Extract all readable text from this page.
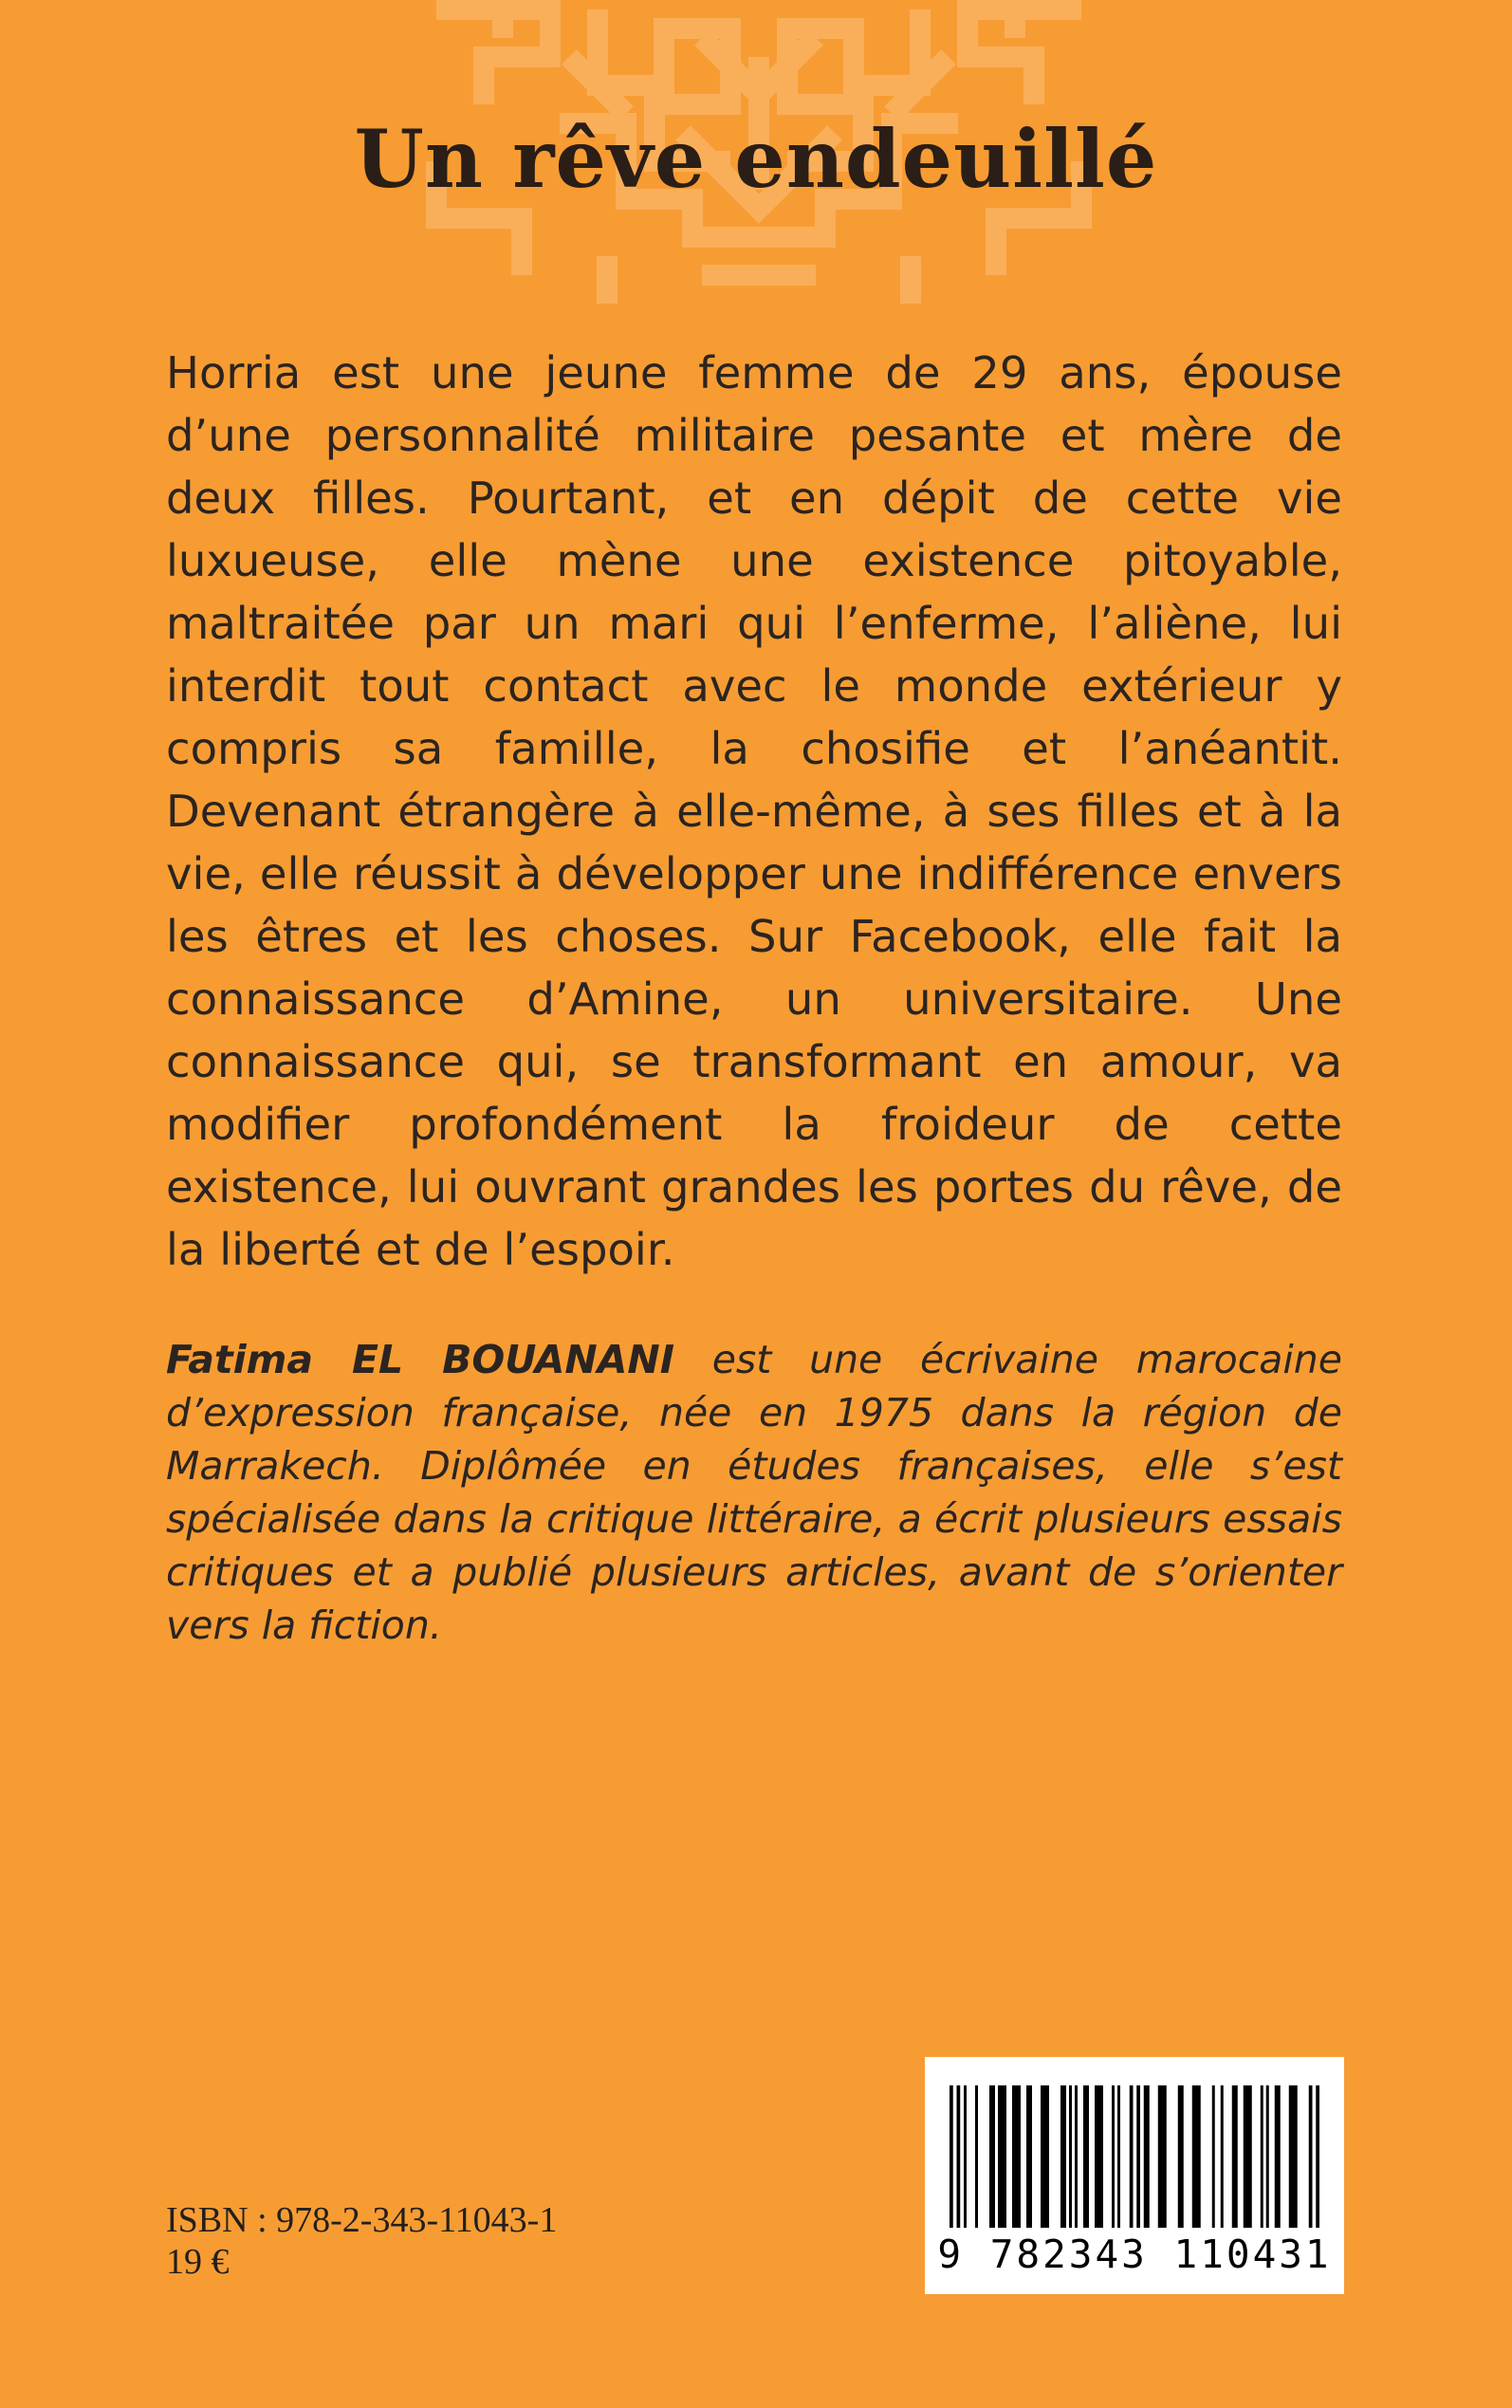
Un rêve endeuillé

Horria est une jeune femme de 29 ans, épouse d’une personnalité militaire pesante et mère de deux filles. Pourtant, et en dépit de cette vie luxueuse, elle mène une existence pitoyable, maltraitée par un mari qui l’enferme, l’aliène, lui interdit tout contact avec le monde extérieur y compris sa famille, la chosifie et l’anéantit. Devenant étrangère à elle-même, à ses filles et à la vie, elle réussit à développer une indifférence envers les êtres et les choses. Sur Facebook, elle fait la connaissance d’Amine, un universitaire. Une connaissance qui, se transformant en amour, va modifier profondément la froideur de cette existence, lui ouvrant grandes les portes du rêve, de la liberté et de l’espoir.

Fatima EL BOUANANI est une écrivaine marocaine d’expression française, née en 1975 dans la région de Marrakech. Diplômée en études françaises, elle s’est spécialisée dans la critique littéraire, a écrit plusieurs essais critiques et a publié plusieurs articles, avant de s’orienter vers la fiction.

ISBN : 978-2-343-11043-1

19 €	9 782343 110431
